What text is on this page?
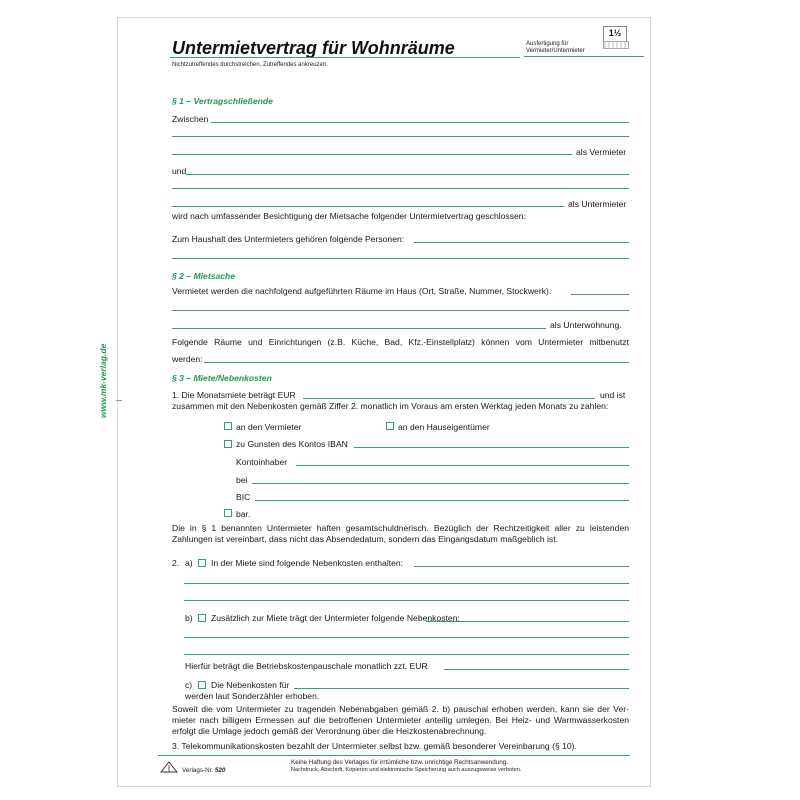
1½
Untermietvertrag für Wohnräume
Nichtzutreffendes durchstreichen, Zutreffendes ankreuzen.
Ausfertigung für
Vermieter/Untermieter
www.mk-verlag.de
§ 1 – Vertragschließende
Zwischen
als Vermieter
und
als Untermieter
wird nach umfassender Besichtigung der Mietsache folgender Untermietvertrag geschlossen:
Zum Haushalt des Untermieters gehören folgende Personen:
§ 2 – Mietsache
Vermietet werden die nachfolgend aufgeführten Räume im Haus (Ort, Straße, Nummer, Stockwerk):
als Unterwohnung.
Folgende Räume und Einrichtungen (z.B. Küche, Bad, Kfz.-Einstellplatz) können vom Untermieter mitbenutzt
werden:
§ 3 – Miete/Nebenkosten
1. Die Monatsmiete beträgt EUR	und ist
zusammen mit den Nebenkosten gemäß Ziffer 2. monatlich im Voraus am ersten Werktag jeden Monats zu zahlen:
an den Vermieter	an den Hauseigentümer
zu Gunsten des Kontos IBAN
Kontoinhaber
bei
BIC
bar.
Die in § 1 benannten Untermieter haften gesamtschuldnerisch. Bezüglich der Rechtzeitigkeit aller zu leistenden
Zahlungen ist vereinbart, dass nicht das Absendedatum, sondern das Eingangsdatum maßgeblich ist.
2. a) In der Miete sind folgende Nebenkosten enthalten:
b) Zusätzlich zur Miete trägt der Untermieter folgende Nebenkosten:
Hierfür beträgt die Betriebskostenpauschale monatlich zzt. EUR
c) Die Nebenkosten für
werden laut Sonderzähler erhoben.
Soweit die vom Untermieter zu tragenden Nebenabgaben gemäß 2. b) pauschal erhoben werden, kann sie der Ver-
mieter nach billigem Ermessen auf die betroffenen Untermieter anteilig umlegen. Bei Heiz- und Warmwasserkosten
erfolgt die Umlage jedoch gemäß der Verordnung über die Heizkostenabrechnung.
3. Telekommunikationskosten bezahlt der Untermieter selbst bzw. gemäß besonderer Vereinbarung (§ 10).
Verlags-Nr. 520
Keine Haftung des Verlages für irrtümliche bzw. unrichtige Rechtsanwendung.
Nachdruck, Abschrift, Kopieren und elektronische Speicherung auch auszugsweise verboten.
